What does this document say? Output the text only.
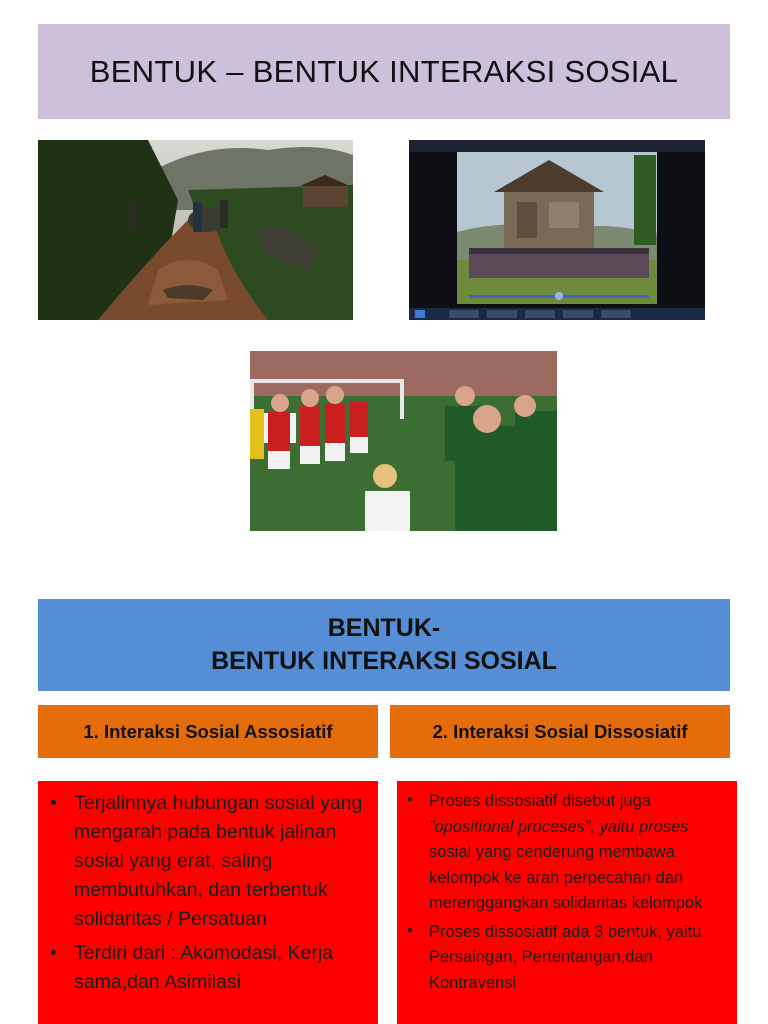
BENTUK – BENTUK INTERAKSI SOSIAL
BENTUK-
BENTUK INTERAKSI SOSIAL
1. Interaksi Sosial Assosiatif	2. Interaksi Sosial Dissosiatif
• Terjalinnya hubungan sosial yang mengarah pada bentuk jalinan sosial yang erat, saling membutuhkan, dan terbentuk solidaritas / Persatuan
• Terdiri dari : Akomodasi, Kerja sama,dan Asimilasi
• Proses dissosiatif disebut juga ”opositional proceses”, yaitu proses sosial yang cenderung membawa kelompok ke arah perpecahan dan merenggangkan solidaritas kelompok
• Proses dissosiatif ada 3 bentuk, yaitu Persaingan, Pertentangan,dan Kontravensi
